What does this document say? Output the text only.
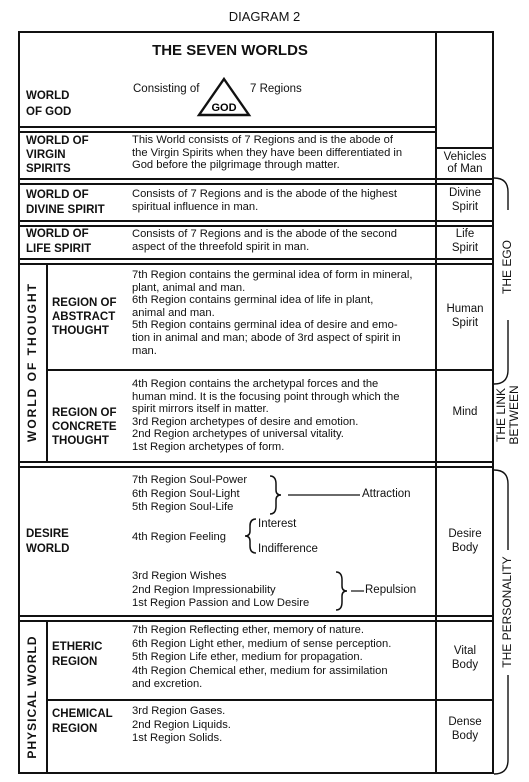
DIAGRAM 2
THE SEVEN WORLDS
WORLD
OF GOD
Consisting of	7 Regions
GOD
WORLD OF
VIRGIN
SPIRITS
This World consists of 7 Regions and is the abode of
the Virgin Spirits when they have been differentiated in
God before the pilgrimage through matter.
Vehicles
of Man
WORLD OF
DIVINE SPIRIT
Consists of 7 Regions and is the abode of the highest
spiritual influence in man.
Divine
Spirit
WORLD OF
LIFE SPIRIT
Consists of 7 Regions and is the abode of the second
aspect of the threefold spirit in man.
Life
Spirit
WORLD OF THOUGHT REGION OF
ABSTRACT
THOUGHT
7th Region contains the germinal idea of form in mineral,
plant, animal and man.
6th Region contains germinal idea of life in plant,
animal and man.
5th Region contains germinal idea of desire and emo-
tion in animal and man; abode of 3rd aspect of spirit in
man.
Human
Spirit
REGION OF
CONCRETE
THOUGHT
4th Region contains the archetypal forces and the
human mind. It is the focusing point through which the
spirit mirrors itself in matter.
3rd Region archetypes of desire and emotion.
2nd Region archetypes of universal vitality.
1st Region archetypes of form.
Mind
DESIRE
WORLD
7th Region Soul-Power
6th Region Soul-Light
5th Region Soul-Life
Attraction
4th Region Feeling
Interest
Indifference
3rd Region Wishes
2nd Region Impressionability
1st Region Passion and Low Desire
Repulsion
Desire
Body
PHYSICAL WORLD ETHERIC
REGION
7th Region Reflecting ether, memory of nature.
6th Region Light ether, medium of sense perception.
5th Region Life ether, medium for propagation.
4th Region Chemical ether, medium for assimilation
and excretion.
Vital
Body
CHEMICAL
REGION
3rd Region Gases.
2nd Region Liquids.
1st Region Solids.
Dense
Body
THE EGO
THE LINK BETWEEN
THE PERSONALITY
